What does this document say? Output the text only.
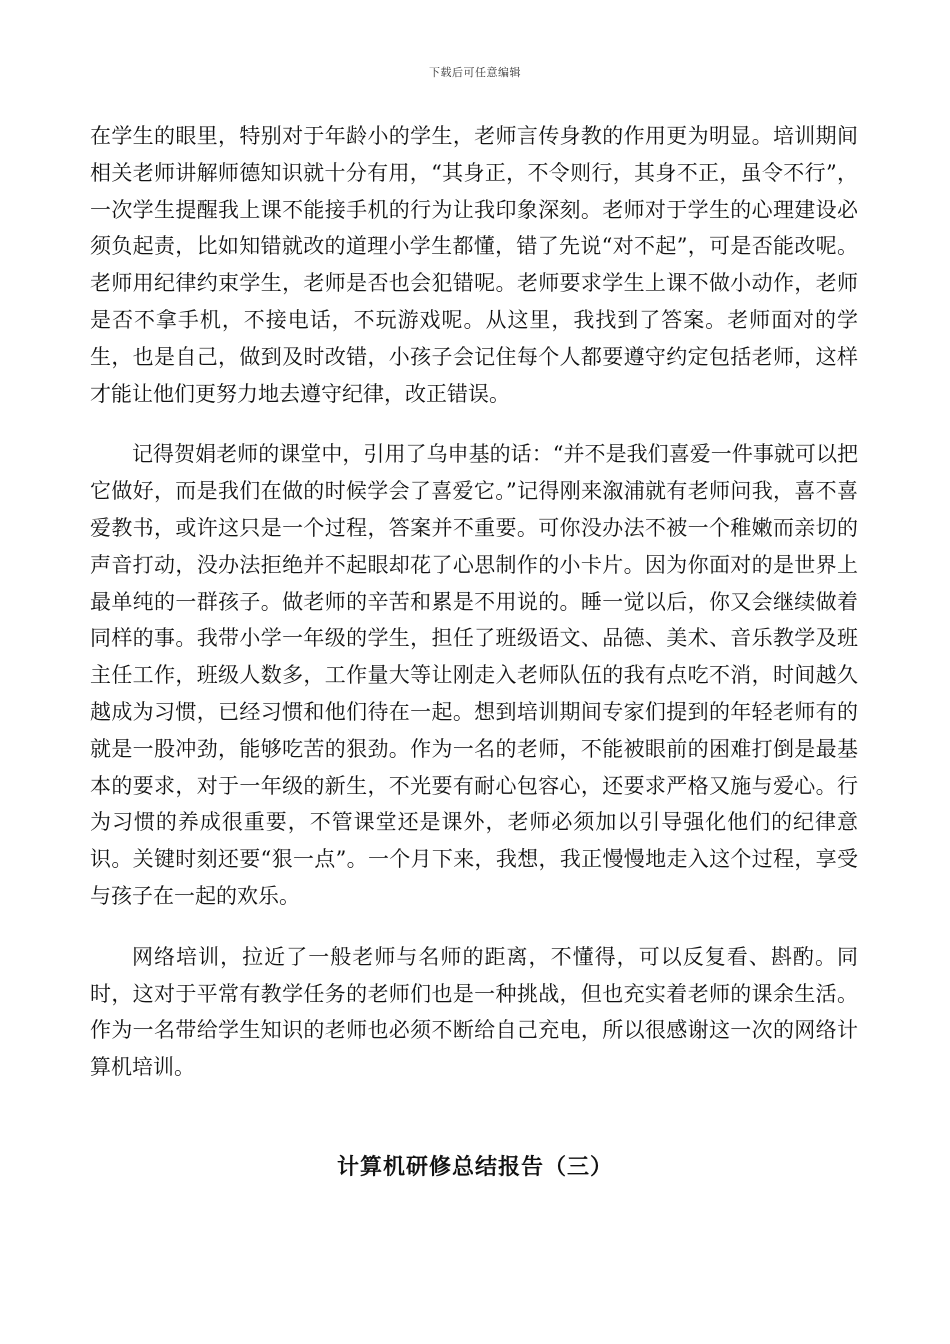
下载后可任意编辑

在学生的眼里，特别对于年龄小的学生，老师言传身教的作用更为明显。培训期间相关老师讲解师德知识就十分有用，“其身正，不令则行，其身不正，虽令不行”，一次学生提醒我上课不能接手机的行为让我印象深刻。老师对于学生的心理建设必须负起责，比如知错就改的道理小学生都懂，错了先说“对不起”，可是否能改呢。老师用纪律约束学生，老师是否也会犯错呢。老师要求学生上课不做小动作，老师是否不拿手机，不接电话，不玩游戏呢。从这里，我找到了答案。老师面对的学生，也是自己，做到及时改错，小孩子会记住每个人都要遵守约定包括老师，这样才能让他们更努力地去遵守纪律，改正错误。

记得贺娟老师的课堂中，引用了乌申基的话：“并不是我们喜爱一件事就可以把它做好，而是我们在做的时候学会了喜爱它。”记得刚来溆浦就有老师问我，喜不喜爱教书，或许这只是一个过程，答案并不重要。可你没办法不被一个稚嫩而亲切的声音打动，没办法拒绝并不起眼却花了心思制作的小卡片。因为你面对的是世界上最单纯的一群孩子。做老师的辛苦和累是不用说的。睡一觉以后，你又会继续做着同样的事。我带小学一年级的学生，担任了班级语文、品德、美术、音乐教学及班主任工作，班级人数多，工作量大等让刚走入老师队伍的我有点吃不消，时间越久越成为习惯，已经习惯和他们待在一起。想到培训期间专家们提到的年轻老师有的就是一股冲劲，能够吃苦的狠劲。作为一名的老师，不能被眼前的困难打倒是最基本的要求，对于一年级的新生，不光要有耐心包容心，还要求严格又施与爱心。行为习惯的养成很重要，不管课堂还是课外，老师必须加以引导强化他们的纪律意识。关键时刻还要“狠一点”。一个月下来，我想，我正慢慢地走入这个过程，享受与孩子在一起的欢乐。

网络培训，拉近了一般老师与名师的距离，不懂得，可以反复看、斟酌。同时，这对于平常有教学任务的老师们也是一种挑战，但也充实着老师的课余生活。作为一名带给学生知识的老师也必须不断给自己充电，所以很感谢这一次的网络计算机培训。

计算机研修总结报告（三）
